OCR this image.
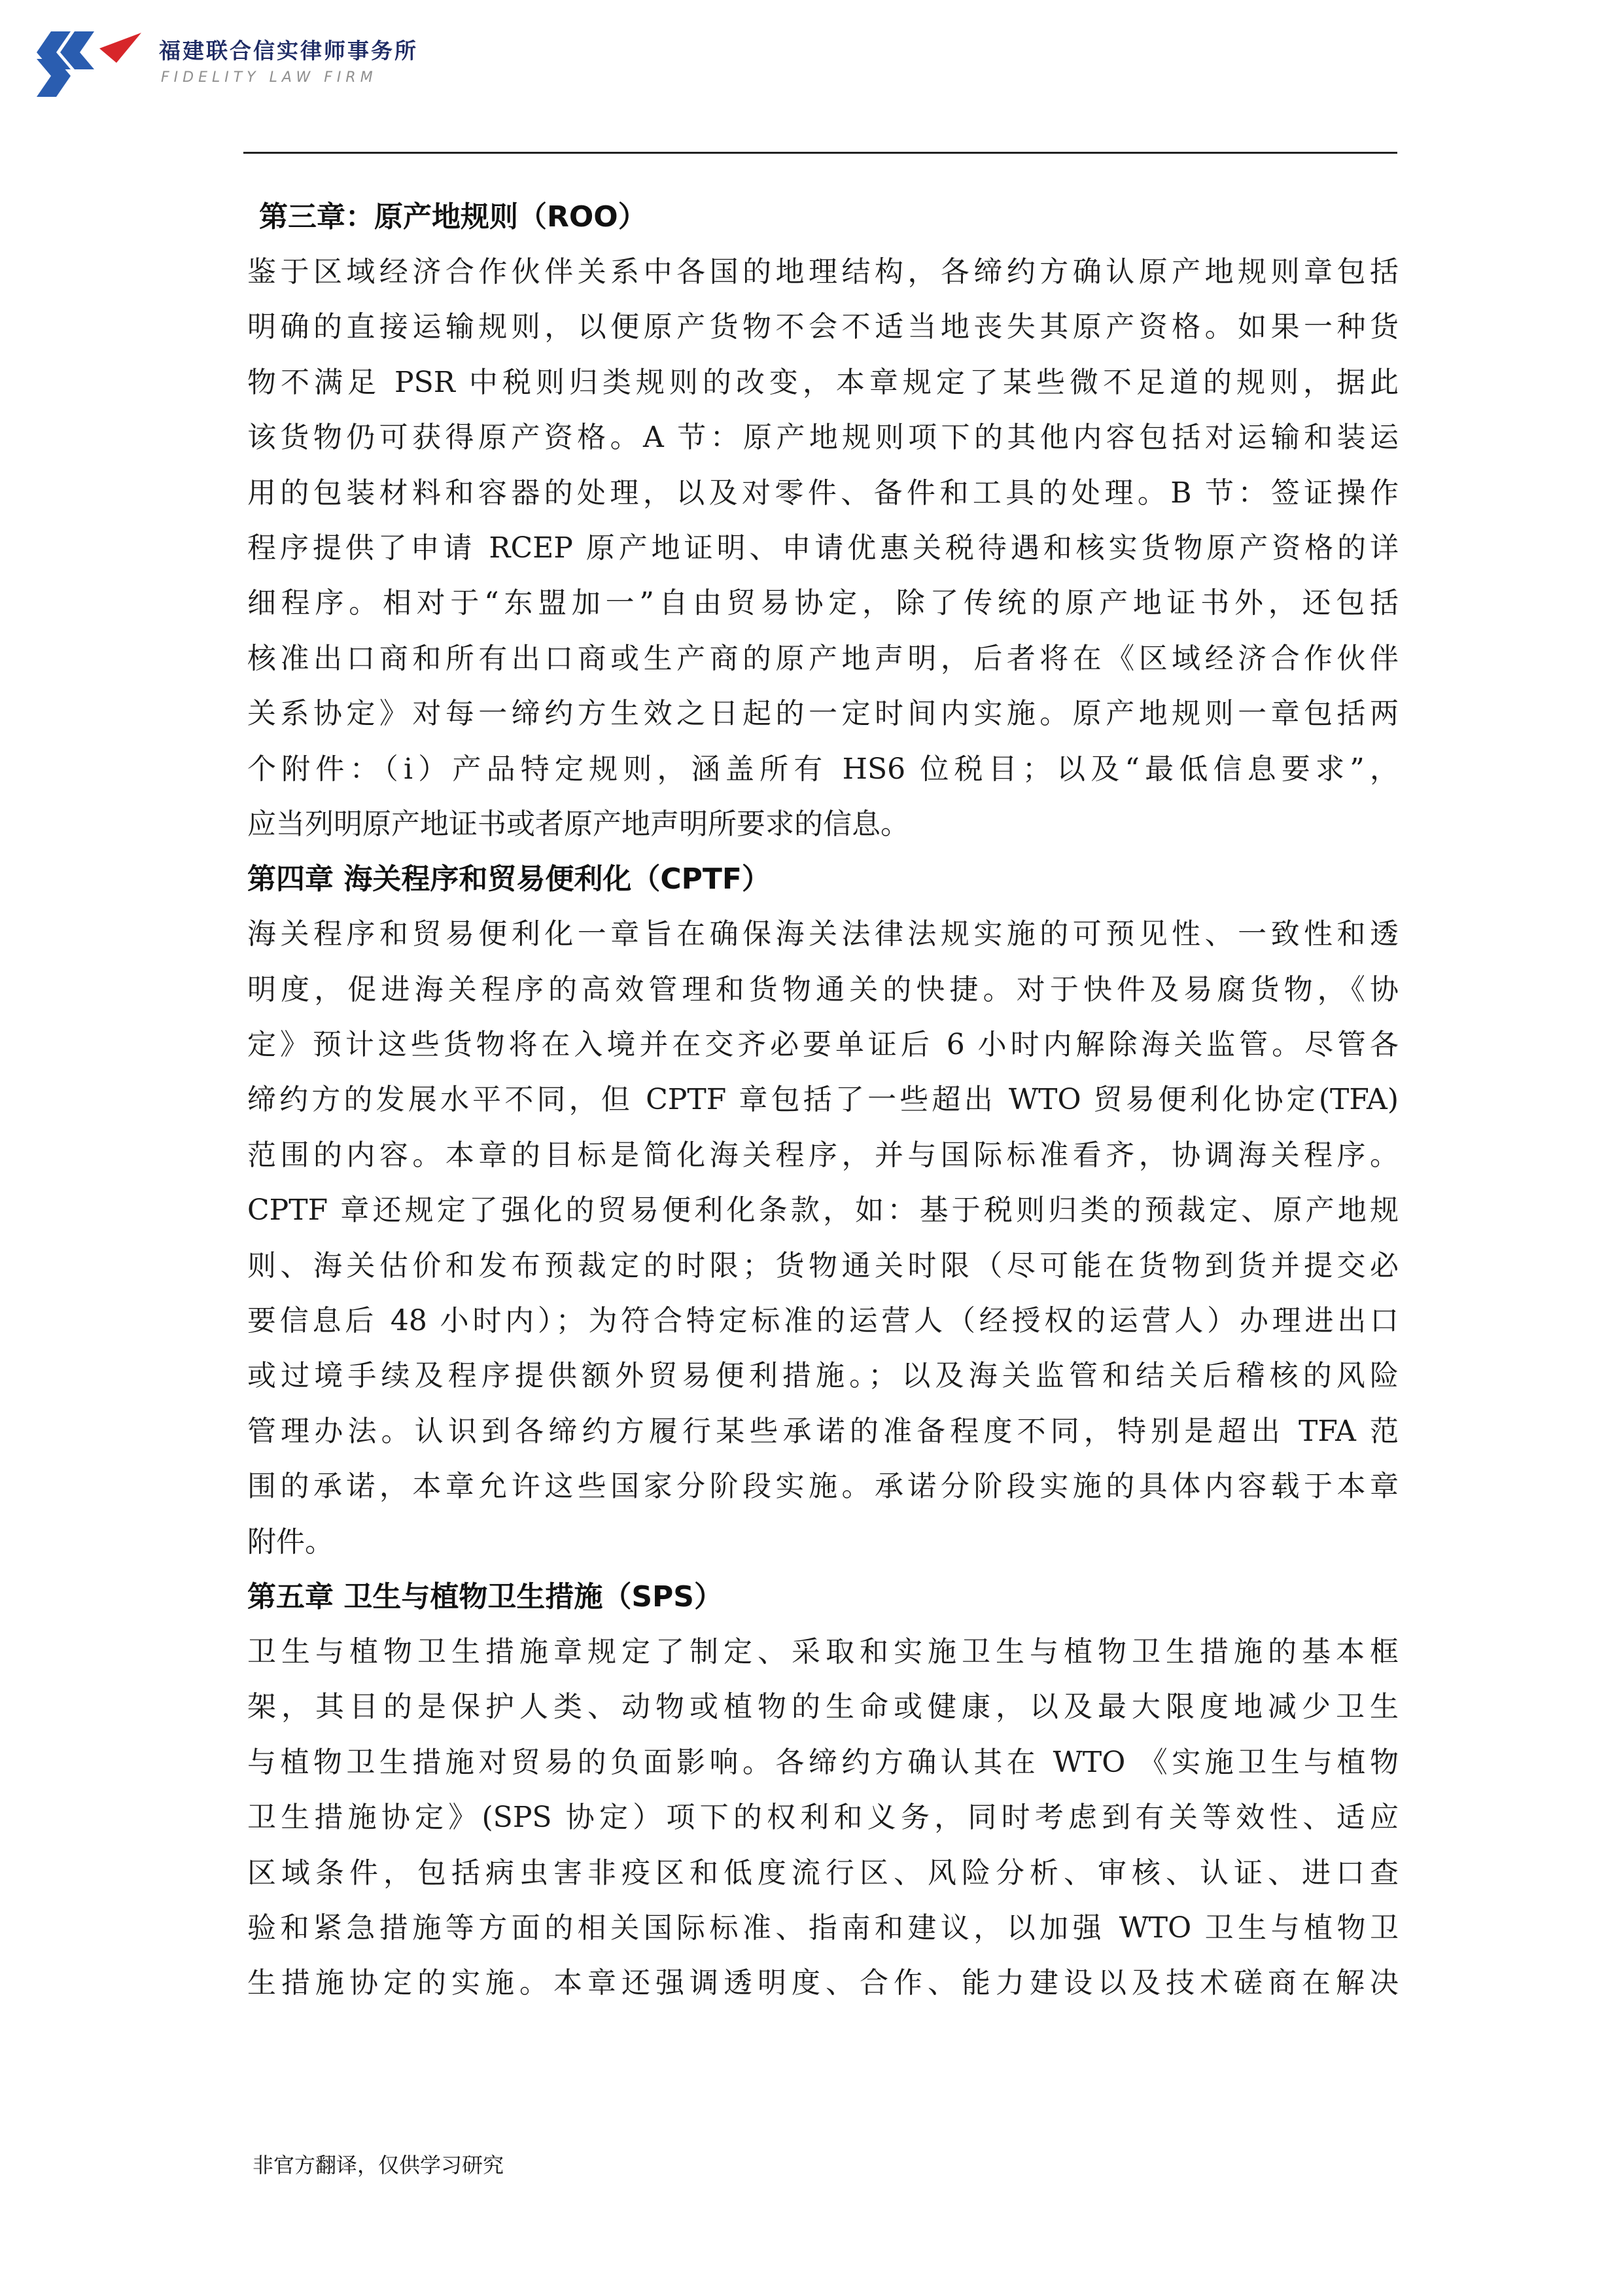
福建联合信实律师事务所
FIDELITY LAW FIRM
第三章：原产地规则（ROO）
鉴于区域经济合作伙伴关系中各国的地理结构，各缔约方确认原产地规则章包括
明确的直接运输规则，以便原产货物不会不适当地丧失其原产资格。如果一种货
物不满足 PSR 中税则归类规则的改变，本章规定了某些微不足道的规则，据此
该货物仍可获得原产资格。A 节：原产地规则项下的其他内容包括对运输和装运
用的包装材料和容器的处理，以及对零件、备件和工具的处理。B 节：签证操作
程序提供了申请 RCEP 原产地证明、申请优惠关税待遇和核实货物原产资格的详
细程序。相对于“东盟加一”自由贸易协定，除了传统的原产地证书外，还包括
核准出口商和所有出口商或生产商的原产地声明，后者将在《区域经济合作伙伴
关系协定》对每一缔约方生效之日起的一定时间内实施。原产地规则一章包括两
个附件：（i）产品特定规则，涵盖所有 HS6 位税目；以及“最低信息要求”，
应当列明原产地证书或者原产地声明所要求的信息。
第四章 海关程序和贸易便利化（CPTF）
海关程序和贸易便利化一章旨在确保海关法律法规实施的可预见性、一致性和透
明度，促进海关程序的高效管理和货物通关的快捷。对于快件及易腐货物，《协
定》预计这些货物将在入境并在交齐必要单证后 6 小时内解除海关监管。尽管各
缔约方的发展水平不同，但 CPTF 章包括了一些超出 WTO 贸易便利化协定(TFA)
范围的内容。本章的目标是简化海关程序，并与国际标准看齐，协调海关程序。
CPTF 章还规定了强化的贸易便利化条款，如：基于税则归类的预裁定、原产地规
则、海关估价和发布预裁定的时限；货物通关时限（尽可能在货物到货并提交必
要信息后 48 小时内）；为符合特定标准的运营人（经授权的运营人）办理进出口
或过境手续及程序提供额外贸易便利措施。；以及海关监管和结关后稽核的风险
管理办法。认识到各缔约方履行某些承诺的准备程度不同，特别是超出 TFA 范
围的承诺，本章允许这些国家分阶段实施。承诺分阶段实施的具体内容载于本章
附件。
第五章 卫生与植物卫生措施（SPS）
卫生与植物卫生措施章规定了制定、采取和实施卫生与植物卫生措施的基本框
架，其目的是保护人类、动物或植物的生命或健康，以及最大限度地减少卫生
与植物卫生措施对贸易的负面影响。各缔约方确认其在 WTO 《实施卫生与植物
卫生措施协定》(SPS 协定）项下的权利和义务，同时考虑到有关等效性、适应
区域条件，包括病虫害非疫区和低度流行区、风险分析、审核、认证、进口查
验和紧急措施等方面的相关国际标准、指南和建议，以加强 WTO 卫生与植物卫
生措施协定的实施。本章还强调透明度、合作、能力建设以及技术磋商在解决
非官方翻译，仅供学习研究
